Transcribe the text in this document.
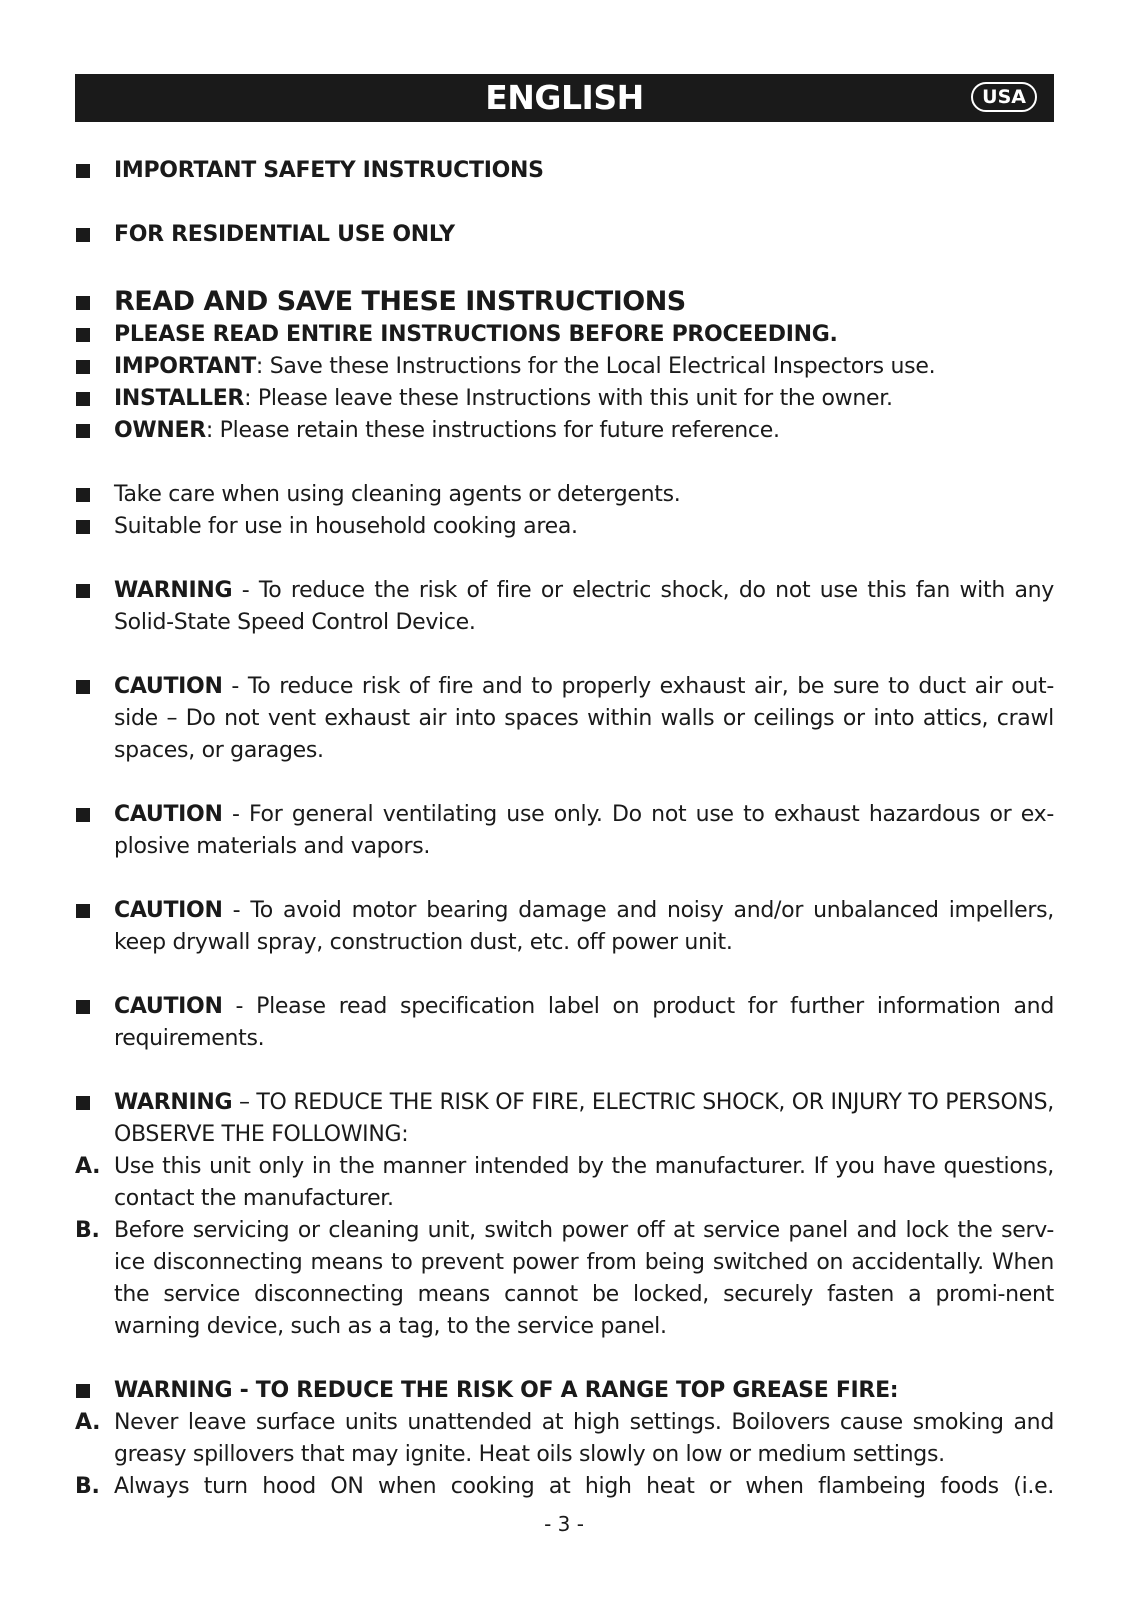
ENGLISH	USA
IMPORTANT SAFETY INSTRUCTIONS
FOR RESIDENTIAL USE ONLY
READ AND SAVE THESE INSTRUCTIONS
PLEASE READ ENTIRE INSTRUCTIONS BEFORE PROCEEDING.
IMPORTANT: Save these Instructions for the Local Electrical Inspectors use.
INSTALLER: Please leave these Instructions with this unit for the owner.
OWNER: Please retain these instructions for future reference.
Take care when using cleaning agents or detergents.
Suitable for use in household cooking area.
WARNING - To reduce the risk of fire or electric shock, do not use this fan with any Solid-State Speed Control Device.
CAUTION - To reduce risk of fire and to properly exhaust air, be sure to duct air out-side – Do not vent exhaust air into spaces within walls or ceilings or into attics, crawl spaces, or garages.
CAUTION - For general ventilating use only. Do not use to exhaust hazardous or ex-plosive materials and vapors.
CAUTION - To avoid motor bearing damage and noisy and/or unbalanced impellers, keep drywall spray, construction dust, etc. off power unit.
CAUTION - Please read specification label on product for further information and requirements.
WARNING – TO REDUCE THE RISK OF FIRE, ELECTRIC SHOCK, OR INJURY TO PERSONS, OBSERVE THE FOLLOWING:
A. Use this unit only in the manner intended by the manufacturer. If you have questions, contact the manufacturer.
B. Before servicing or cleaning unit, switch power off at service panel and lock the serv-ice disconnecting means to prevent power from being switched on accidentally. When the service disconnecting means cannot be locked, securely fasten a promi-nent warning device, such as a tag, to the service panel.
WARNING - TO REDUCE THE RISK OF A RANGE TOP GREASE FIRE:
A. Never leave surface units unattended at high settings. Boilovers cause smoking and greasy spillovers that may ignite. Heat oils slowly on low or medium settings.
B. Always turn hood ON when cooking at high heat or when flambeing foods (i.e.
- 3 -
